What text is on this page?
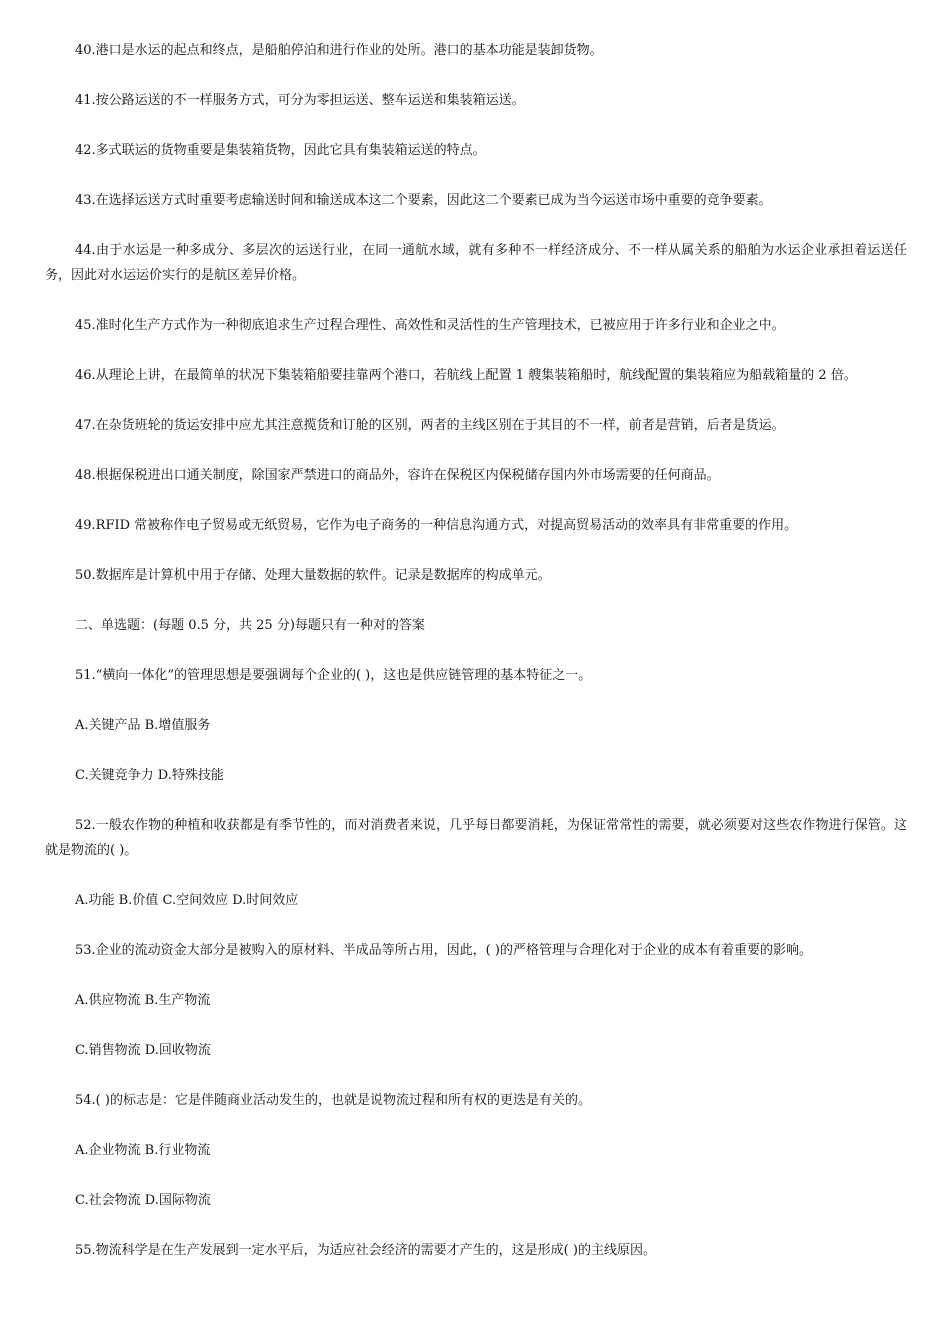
40.港口是水运的起点和终点，是船舶停泊和进行作业的处所。港口的基本功能是装卸货物。

41.按公路运送的不一样服务方式，可分为零担运送、整车运送和集装箱运送。

42.多式联运的货物重要是集装箱货物，因此它具有集装箱运送的特点。

43.在选择运送方式时重要考虑输送时间和输送成本这二个要素，因此这二个要素已成为当今运送市场中重要的竞争要素。

44.由于水运是一种多成分、多层次的运送行业，在同一通航水域，就有多种不一样经济成分、不一样从属关系的船舶为水运企业承担着运送任务，因此对水运运价实行的是航区差异价格。

45.准时化生产方式作为一种彻底追求生产过程合理性、高效性和灵活性的生产管理技术，已被应用于许多行业和企业之中。

46.从理论上讲，在最简单的状况下集装箱船要挂靠两个港口，若航线上配置 1 艘集装箱船时，航线配置的集装箱应为船载箱量的 2 倍。

47.在杂货班轮的货运安排中应尤其注意揽货和订舱的区别，两者的主线区别在于其目的不一样，前者是营销，后者是货运。

48.根据保税进出口通关制度，除国家严禁进口的商品外，容许在保税区内保税储存国内外市场需要的任何商品。

49.RFID 常被称作电子贸易或无纸贸易，它作为电子商务的一种信息沟通方式，对提高贸易活动的效率具有非常重要的作用。

50.数据库是计算机中用于存储、处理大量数据的软件。记录是数据库的构成单元。

二、单选题：(每题 0.5 分，共 25 分)每题只有一种对的答案

51.“横向一体化”的管理思想是要强调每个企业的( )，这也是供应链管理的基本特征之一。

A.关键产品 B.增值服务

C.关键竞争力 D.特殊技能

52.一般农作物的种植和收获都是有季节性的，而对消费者来说，几乎每日都要消耗，为保证常常性的需要，就必须要对这些农作物进行保管。这就是物流的( )。

A.功能 B.价值 C.空间效应 D.时间效应

53.企业的流动资金大部分是被购入的原材料、半成品等所占用，因此，( )的严格管理与合理化对于企业的成本有着重要的影响。

A.供应物流 B.生产物流

C.销售物流 D.回收物流

54.( )的标志是：它是伴随商业活动发生的，也就是说物流过程和所有权的更迭是有关的。

A.企业物流 B.行业物流

C.社会物流 D.国际物流

55.物流科学是在生产发展到一定水平后，为适应社会经济的需要才产生的，这是形成( )的主线原因。
